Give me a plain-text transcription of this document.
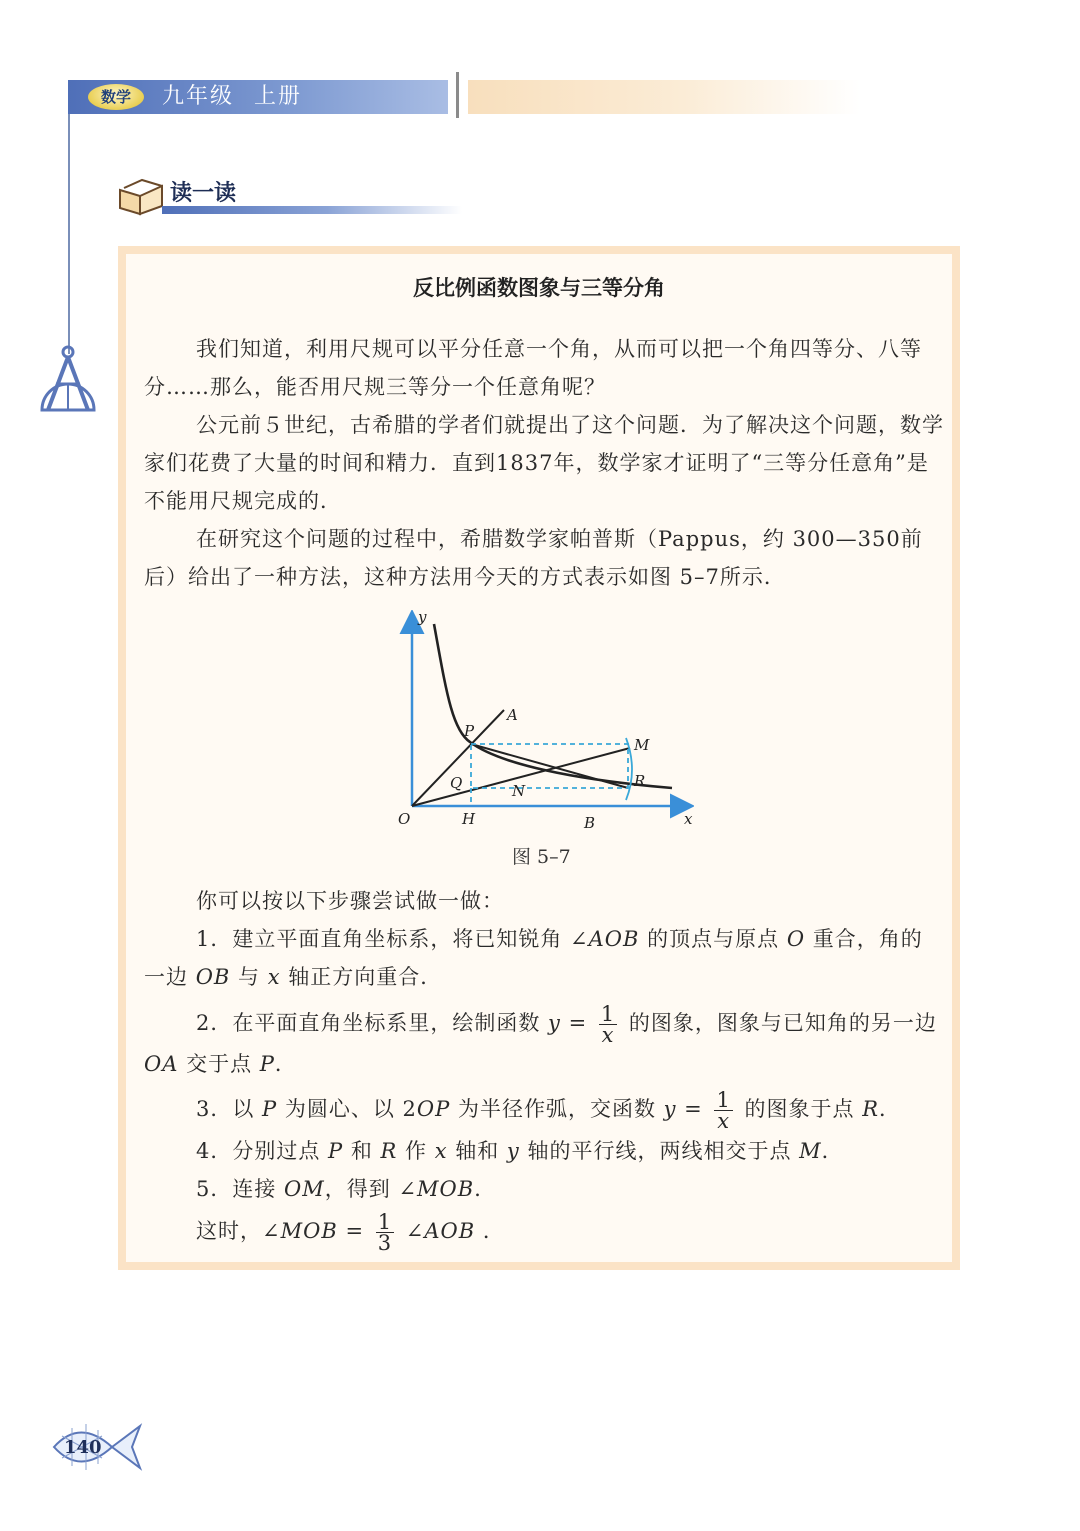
数学	九年级 上册
读一读
反比例函数图象与三等分角
我们知道，利用尺规可以平分任意一个角，从而可以把一个角四等分、八等分……那么，能否用尺规三等分一个任意角呢？
公元前５世纪，古希腊的学者们就提出了这个问题．为了解决这个问题，数学家们花费了大量的时间和精力．直到1837年，数学家才证明了“三等分任意角”是不能用尺规完成的．
在研究这个问题的过程中，希腊数学家帕普斯（Pappus，约 300—350前后）给出了一种方法，这种方法用今天的方式表示如图 5–7所示．
y
x
O
A
P
M
Q	N
R
H	B
图 5–7
你可以按以下步骤尝试做一做：
1．建立平面直角坐标系，将已知锐角 ∠AOB 的顶点与原点 O 重合，角的一边 OB 与 x 轴正方向重合．
2．在平面直角坐标系里，绘制函数 $y = \frac{1}{x}$ 的图象，图象与已知角的另一边 OA 交于点 P．
3．以 P 为圆心、以 2OP 为半径作弧，交函数 $y = \frac{1}{x}$ 的图象于点 R．
4．分别过点 P 和 R 作 x 轴和 y 轴的平行线，两线相交于点 M．
5．连接 OM，得到 ∠MOB．
这时，∠MOB = $\frac{1}{3}$ ∠AOB ．
140
